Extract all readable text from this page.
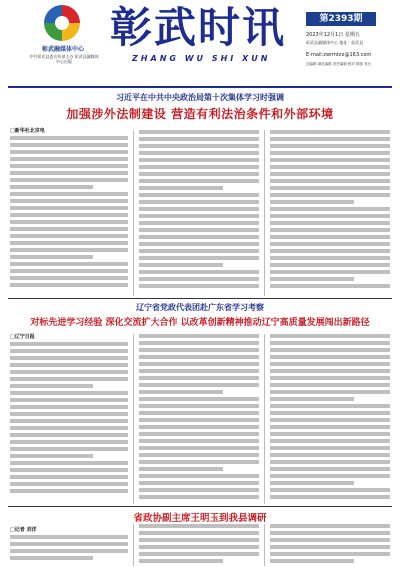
彰武融媒体中心
中共彰武县委宣传部主办 彰武县融媒体中心出版
彰武时讯
ZHANG WU SHI XUN
第2393期
2023年12月1日 星期五
彰武县融媒体中心 地址：彰武县
E-mail:zwrmtzx@163.com
总编辑 副总编辑 责任编辑 校对 排版 发行
习近平在中共中央政治局第十次集体学习时强调
加强涉外法制建设 营造有利法治条件和外部环境
□新华社北京电
辽宁省党政代表团赴广东省学习考察
对标先进学习经验 深化交流扩大合作 以改革创新精神推动辽宁高质量发展闯出新路径
□辽宁日报
省政协副主席王明玉到我县调研
□记者 刘洋
